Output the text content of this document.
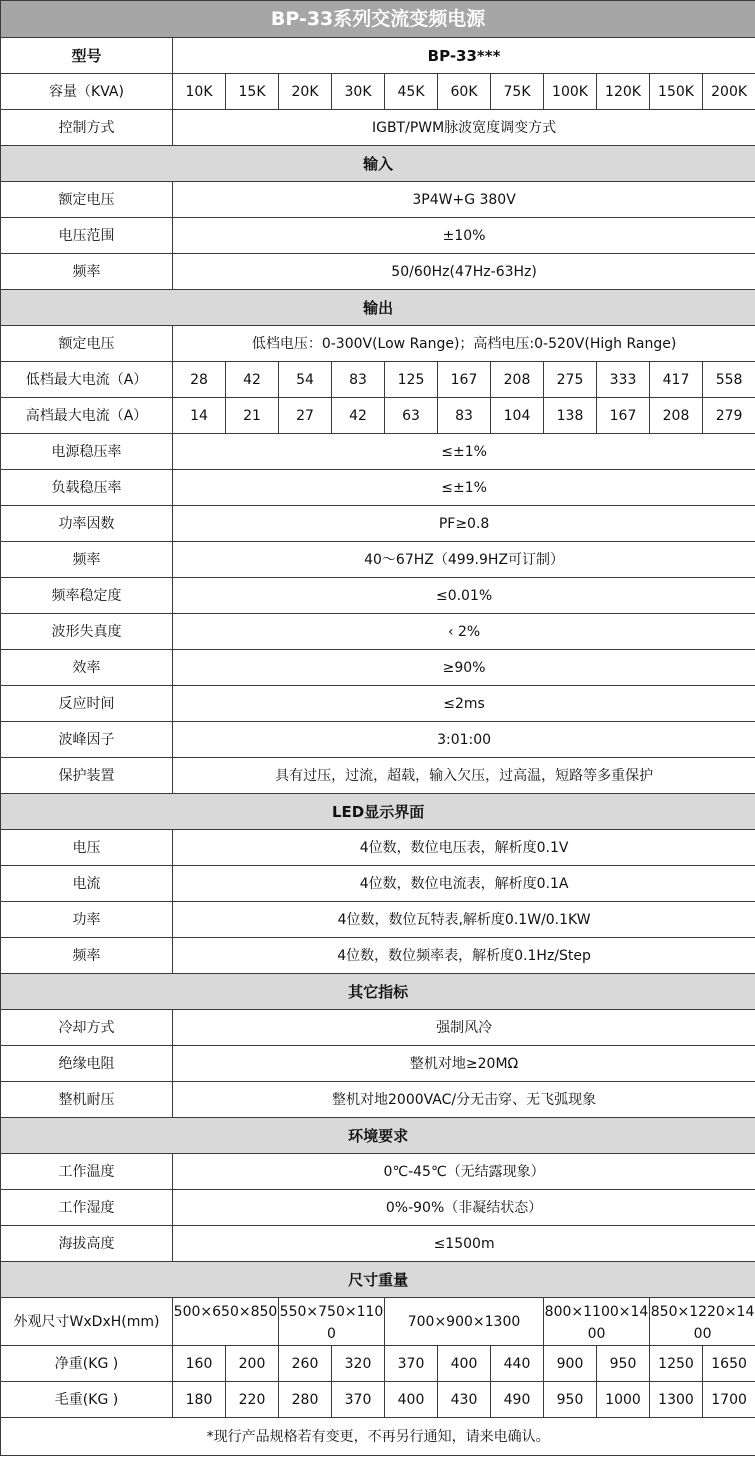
BP-33系列交流变频电源											
型号	BP-33***										
容量（KVA)	10K	15K	20K	30K	45K	60K	75K	100K	120K	150K	200K
控制方式	IGBT/PWM脉波宽度调变方式										
输入											
额定电压	3P4W+G 380V										
电压范围	±10%										
频率	50/60Hz(47Hz-63Hz)										
输出											
额定电压	低档电压：0-300V(Low Range)；高档电压:0-520V(High Range)										
低档最大电流（A）	28	42	54	83	125	167	208	275	333	417	558
高档最大电流（A）	14	21	27	42	63	83	104	138	167	208	279
电源稳压率	≤±1%										
负载稳压率	≤±1%										
功率因数	PF≥0.8										
频率	40～67HZ（499.9HZ可订制）										
频率稳定度	≤0.01%										
波形失真度	‹ 2%										
效率	≥90%										
反应时间	≤2ms										
波峰因子	3:01:00										
保护装置	具有过压，过流，超载，输入欠压，过高温，短路等多重保护										
LED显示界面											
电压	4位数，数位电压表，解析度0.1V										
电流	4位数，数位电流表，解析度0.1A										
功率	4位数，数位瓦特表,解析度0.1W/0.1KW										
频率	4位数，数位频率表，解析度0.1Hz/Step										
其它指标											
冷却方式	强制风冷										
绝缘电阻	整机对地≥20MΩ										
整机耐压	整机对地2000VAC/分无击穿、无飞弧现象										
环境要求											
工作温度	0℃-45℃（无结露现象）										
工作湿度	0%-90%（非凝结状态）										
海拔高度	≤1500m										
尺寸重量											
外观尺寸WxDxH(mm)	500×650×850		550×750×1100		700×900×1300			800×1100×1400		850×1220×1400	
净重(KG )	160	200	260	320	370	400	440	900	950	1250	1650
毛重(KG )	180	220	280	370	400	430	490	950	1000	1300	1700
*现行产品规格若有变更，不再另行通知，请来电确认。											
